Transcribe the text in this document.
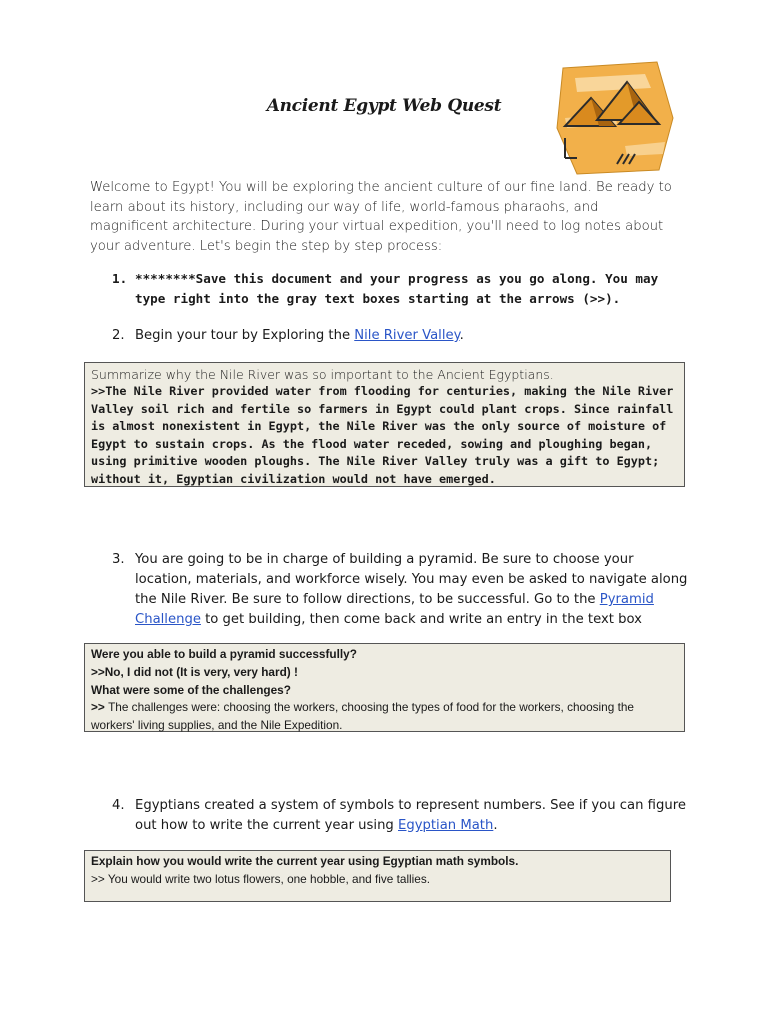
Ancient Egypt Web Quest
Welcome to Egypt! You will be exploring the ancient culture of our fine land. Be ready to learn about its history, including our way of life, world-famous pharaohs, and magnificent architecture. During your virtual expedition, you'll need to log notes about your adventure. Let's begin the step by step process:
1. ********Save this document and your progress as you go along. You may type right into the gray text boxes starting at the arrows (>>).
2. Begin your tour by Exploring the Nile River Valley.
Summarize why the Nile River was so important to the Ancient Egyptians.
>>The Nile River provided water from flooding for centuries, making the Nile River Valley soil rich and fertile so farmers in Egypt could plant crops. Since rainfall is almost nonexistent in Egypt, the Nile River was the only source of moisture of Egypt to sustain crops. As the flood water receded, sowing and ploughing began, using primitive wooden ploughs. The Nile River Valley truly was a gift to Egypt; without it, Egyptian civilization would not have emerged.
3. You are going to be in charge of building a pyramid. Be sure to choose your location, materials, and workforce wisely. You may even be asked to navigate along the Nile River. Be sure to follow directions, to be successful. Go to the Pyramid Challenge to get building, then come back and write an entry in the text box
Were you able to build a pyramid successfully?
>>No, I did not (It is very, very hard) !
What were some of the challenges?
>> The challenges were: choosing the workers, choosing the types of food for the workers, choosing the workers' living supplies, and the Nile Expedition.
4. Egyptians created a system of symbols to represent numbers. See if you can figure out how to write the current year using Egyptian Math.
Explain how you would write the current year using Egyptian math symbols.
>> You would write two lotus flowers, one hobble, and five tallies.
